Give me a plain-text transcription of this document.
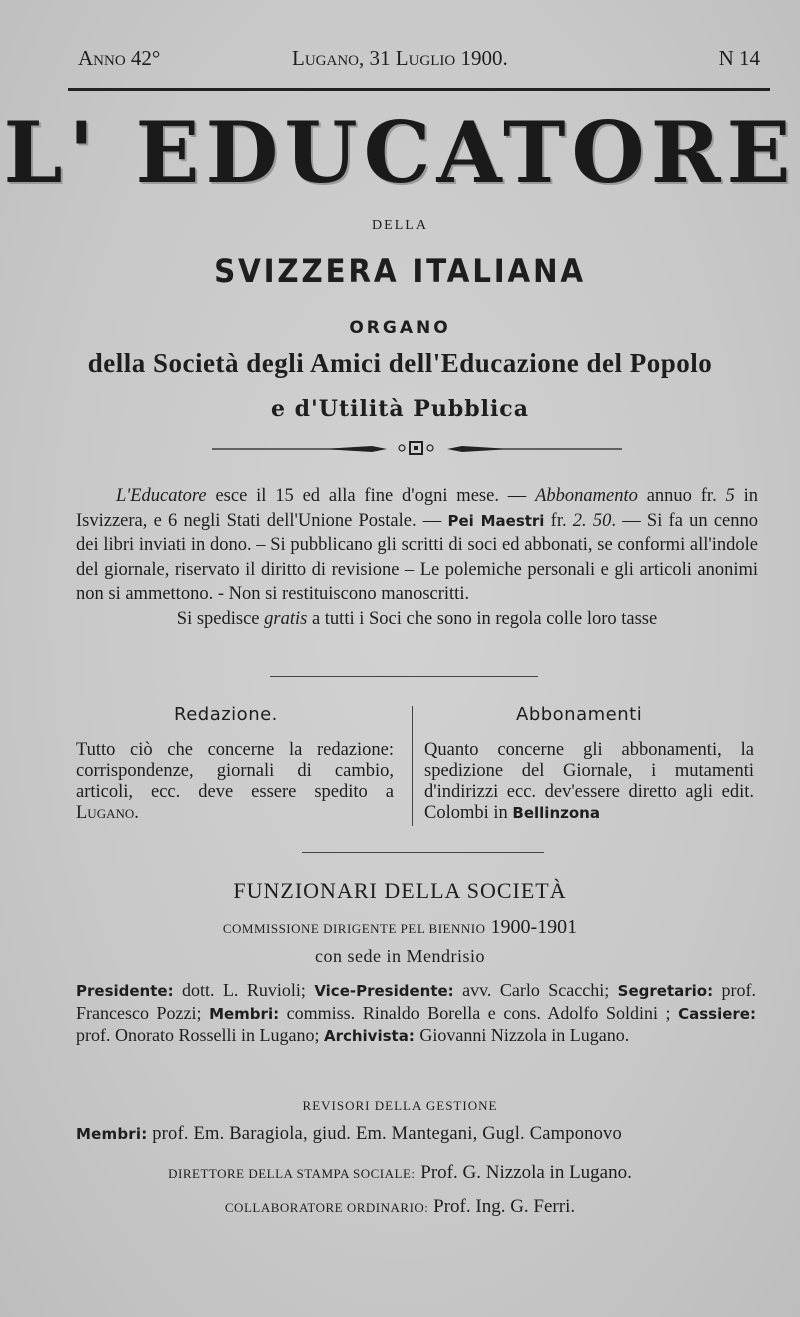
Anno 42°	Lugano, 31 Luglio 1900.	N 14
L' EDUCATORE
DELLA
SVIZZERA ITALIANA
ORGANO
della Società degli Amici dell'Educazione del Popolo
e d'Utilità Pubblica

L'Educatore esce il 15 ed alla fine d'ogni mese. — Abbonamento annuo fr. 5 in Isvizzera, e 6 negli Stati dell'Unione Postale. — Pei Maestri fr. 2. 50. — Si fa un cenno dei libri inviati in dono. – Si pubblicano gli scritti di soci ed abbonati, se conformi all'indole del giornale, riservato il diritto di revisione – Le polemiche personali e gli articoli anonimi non si ammettono. - Non si restituiscono manoscritti.

Si spedisce gratis a tutti i Soci che sono in regola colle loro tasse

Redazione.	Abbonamenti
Tutto ciò che concerne la redazione: corrispondenze, giornali di cambio, articoli, ecc. deve essere spedito a Lugano.
Quanto concerne gli abbonamenti, la spedizione del Giornale, i mutamenti d'indirizzi ecc. dev'essere diretto agli edit. Colombi in Bellinzona
FUNZIONARI DELLA SOCIETÀ
COMMISSIONE DIRIGENTE PEL BIENNIO 1900-1901
con sede in Mendrisio
Presidente: dott. L. Ruvioli; Vice-Presidente: avv. Carlo Scacchi; Segretario: prof. Francesco Pozzi; Membri: commiss. Rinaldo Borella e cons. Adolfo Soldini ; Cassiere: prof. Onorato Rosselli in Lugano; Archivista: Giovanni Nizzola in Lugano.
REVISORI DELLA GESTIONE
Membri: prof. Em. Baragiola, giud. Em. Mantegani, Gugl. Camponovo
DIRETTORE DELLA STAMPA SOCIALE: Prof. G. Nizzola in Lugano.
COLLABORATORE ORDINARIO: Prof. Ing. G. Ferri.
